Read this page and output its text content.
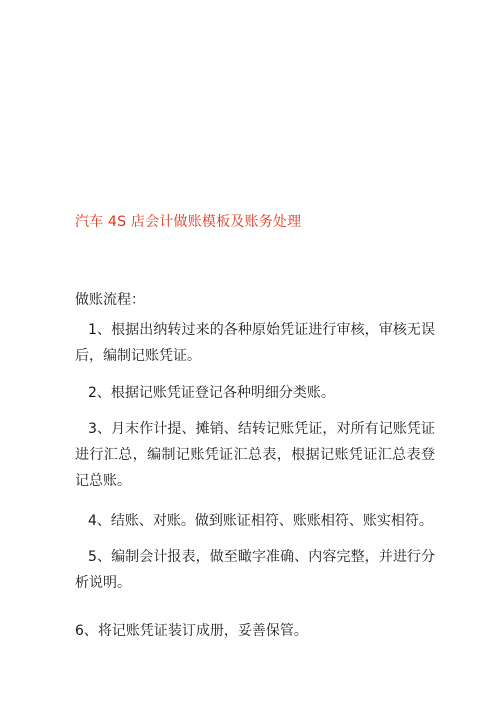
汽车 4S 店会计做账模板及账务处理
做账流程：

1、根据出纳转过来的各种原始凭证进行审核，审核无误后，编制记账凭证。

2、根据记账凭证登记各种明细分类账。

3、月末作计提、摊销、结转记账凭证，对所有记账凭证进行汇总，编制记账凭证汇总表，根据记账凭证汇总表登记总账。

4、结账、对账。做到账证相符、账账相符、账实相符。

5、编制会计报表，做至瞰字准确、内容完整，并进行分析说明。

6、将记账凭证装订成册，妥善保管。
